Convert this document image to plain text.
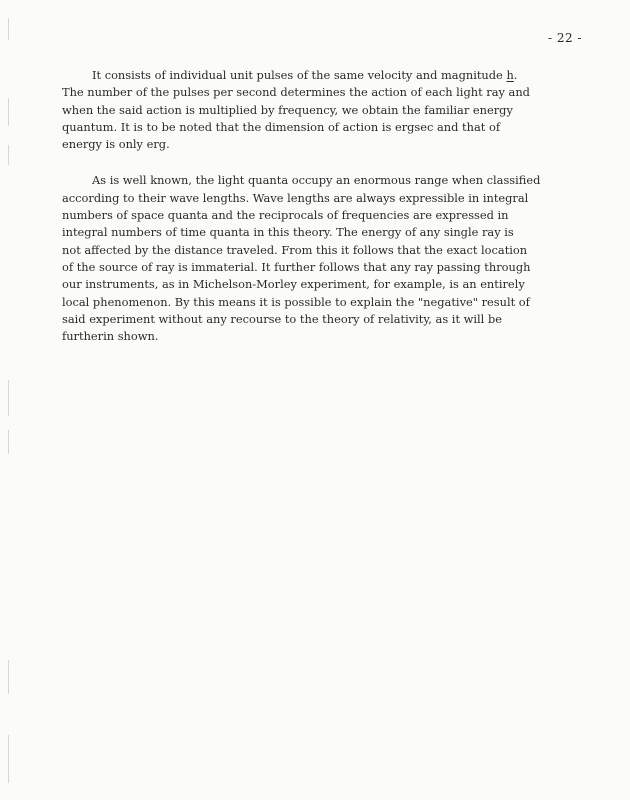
- 22 -

It consists of individual unit pulses of the same velocity and magnitude h.
The number of the pulses per second determines the action of each light ray and
when the said action is multiplied by frequency, we obtain the familiar energy
quantum. It is to be noted that the dimension of action is ergsec and that of
energy is only erg.

As is well known, the light quanta occupy an enormous range when classified
according to their wave lengths. Wave lengths are always expressible in integral
numbers of space quanta and the reciprocals of frequencies are expressed in
integral numbers of time quanta in this theory. The energy of any single ray is
not affected by the distance traveled. From this it follows that the exact location
of the source of ray is immaterial. It further follows that any ray passing through
our instruments, as in Michelson-Morley experiment, for example, is an entirely
local phenomenon. By this means it is possible to explain the "negative" result of
said experiment without any recourse to the theory of relativity, as it will be
furtherin shown.
